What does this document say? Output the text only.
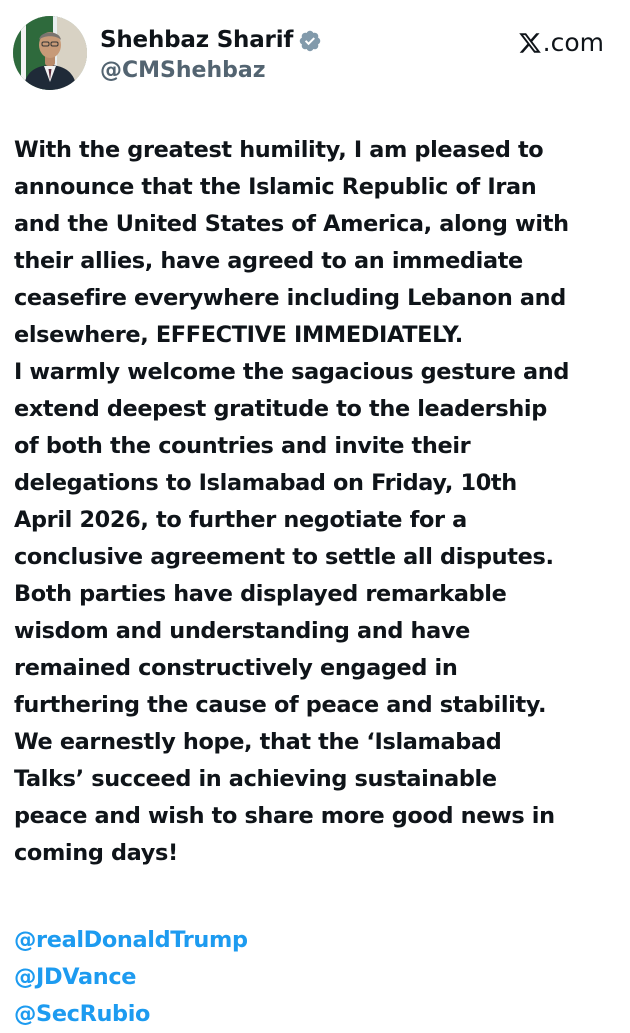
Shehbaz Sharif
@CMShehbaz
.com

With the greatest humility, I am pleased to

announce that the Islamic Republic of Iran

and the United States of America, along with

their allies, have agreed to an immediate

ceasefire everywhere including Lebanon and

elsewhere, EFFECTIVE IMMEDIATELY.

I warmly welcome the sagacious gesture and

extend deepest gratitude to the leadership

of both the countries and invite their

delegations to Islamabad on Friday, 10th

April 2026, to further negotiate for a

conclusive agreement to settle all disputes.

Both parties have displayed remarkable

wisdom and understanding and have

remained constructively engaged in

furthering the cause of peace and stability.

We earnestly hope, that the ‘Islamabad

Talks’ succeed in achieving sustainable

peace and wish to share more good news in

coming days!

@realDonaldTrump
@JDVance
@SecRubio
